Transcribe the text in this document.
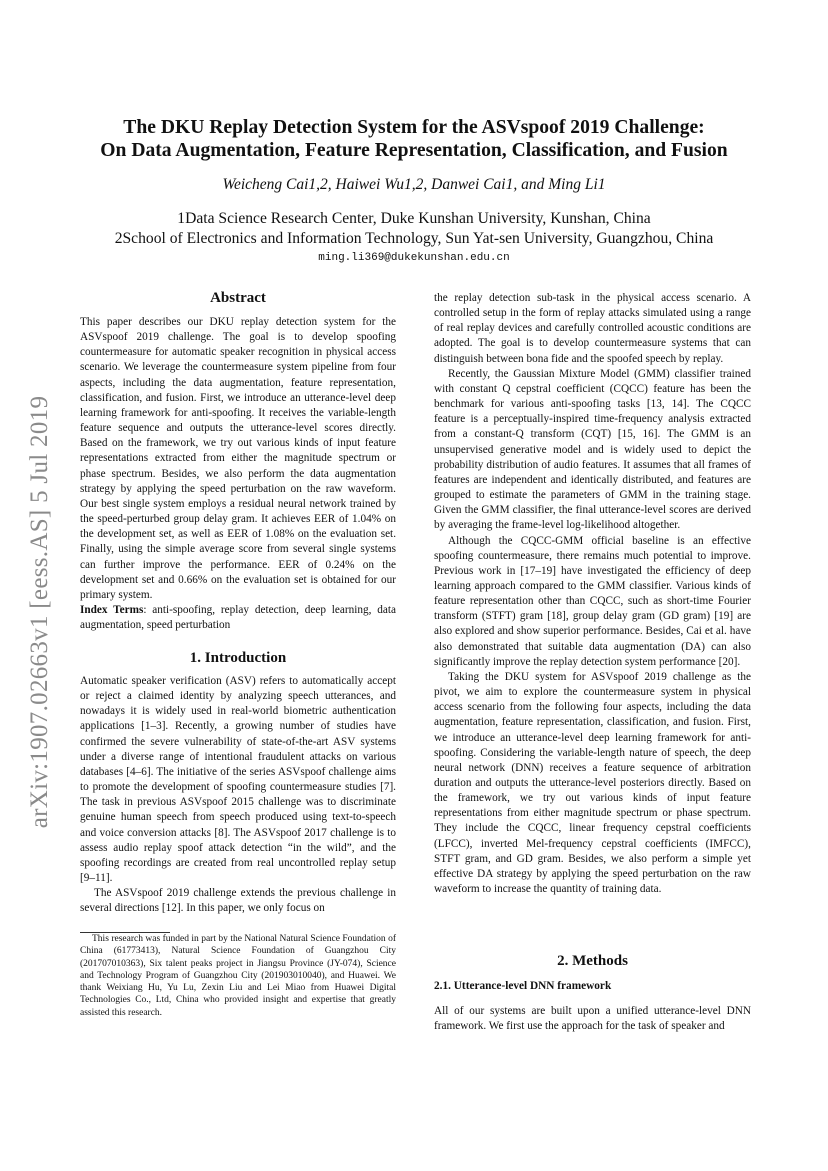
arXiv:1907.02663v1 [eess.AS] 5 Jul 2019
The DKU Replay Detection System for the ASVspoof 2019 Challenge:
On Data Augmentation, Feature Representation, Classification, and Fusion
Weicheng Cai1,2, Haiwei Wu1,2, Danwei Cai1, and Ming Li1
1Data Science Research Center, Duke Kunshan University, Kunshan, China
2School of Electronics and Information Technology, Sun Yat-sen University, Guangzhou, China
ming.li369@dukekunshan.edu.cn
Abstract

This paper describes our DKU replay detection system for the ASVspoof 2019 challenge. The goal is to develop spoofing countermeasure for automatic speaker recognition in physical access scenario. We leverage the countermeasure system pipeline from four aspects, including the data augmentation, feature representation, classification, and fusion. First, we introduce an utterance-level deep learning framework for anti-spoofing. It receives the variable-length feature sequence and outputs the utterance-level scores directly. Based on the framework, we try out various kinds of input feature representations extracted from either the magnitude spectrum or phase spectrum. Besides, we also perform the data augmentation strategy by applying the speed perturbation on the raw waveform. Our best single system employs a residual neural network trained by the speed-perturbed group delay gram. It achieves EER of 1.04% on the development set, as well as EER of 1.08% on the evaluation set. Finally, using the simple average score from several single systems can further improve the performance. EER of 0.24% on the development set and 0.66% on the evaluation set is obtained for our primary system.

Index Terms: anti-spoofing, replay detection, deep learning, data augmentation, speed perturbation

1. Introduction

Automatic speaker verification (ASV) refers to automatically accept or reject a claimed identity by analyzing speech utterances, and nowadays it is widely used in real-world biometric authentication applications [1–3]. Recently, a growing number of studies have confirmed the severe vulnerability of state-of-the-art ASV systems under a diverse range of intentional fraudulent attacks on various databases [4–6]. The initiative of the series ASVspoof challenge aims to promote the development of spoofing countermeasure studies [7]. The task in previous ASVspoof 2015 challenge was to discriminate genuine human speech from speech produced using text-to-speech and voice conversion attacks [8]. The ASVspoof 2017 challenge is to assess audio replay spoof attack detection “in the wild”, and the spoofing recordings are created from real uncontrolled replay setup [9–11].

The ASVspoof 2019 challenge extends the previous challenge in several directions [12]. In this paper, we only focus on

This research was funded in part by the National Natural Science Foundation of China (61773413), Natural Science Foundation of Guangzhou City (201707010363), Six talent peaks project in Jiangsu Province (JY-074), Science and Technology Program of Guangzhou City (201903010040), and Huawei. We thank Weixiang Hu, Yu Lu, Zexin Liu and Lei Miao from Huawei Digital Technologies Co., Ltd, China who provided insight and expertise that greatly assisted this research.

the replay detection sub-task in the physical access scenario. A controlled setup in the form of replay attacks simulated using a range of real replay devices and carefully controlled acoustic conditions are adopted. The goal is to develop countermeasure systems that can distinguish between bona fide and the spoofed speech by replay.

Recently, the Gaussian Mixture Model (GMM) classifier trained with constant Q cepstral coefficient (CQCC) feature has been the benchmark for various anti-spoofing tasks [13, 14]. The CQCC feature is a perceptually-inspired time-frequency analysis extracted from a constant-Q transform (CQT) [15, 16]. The GMM is an unsupervised generative model and is widely used to depict the probability distribution of audio features. It assumes that all frames of features are independent and identically distributed, and features are grouped to estimate the parameters of GMM in the training stage. Given the GMM classifier, the final utterance-level scores are derived by averaging the frame-level log-likelihood altogether.

Although the CQCC-GMM official baseline is an effective spoofing countermeasure, there remains much potential to improve. Previous work in [17–19] have investigated the efficiency of deep learning approach compared to the GMM classifier. Various kinds of feature representation other than CQCC, such as short-time Fourier transform (STFT) gram [18], group delay gram (GD gram) [19] are also explored and show superior performance. Besides, Cai et al. have also demonstrated that suitable data augmentation (DA) can also significantly improve the replay detection system performance [20].

Taking the DKU system for ASVspoof 2019 challenge as the pivot, we aim to explore the countermeasure system in physical access scenario from the following four aspects, including the data augmentation, feature representation, classification, and fusion. First, we introduce an utterance-level deep learning framework for anti-spoofing. Considering the variable-length nature of speech, the deep neural network (DNN) receives a feature sequence of arbitration duration and outputs the utterance-level posteriors directly. Based on the framework, we try out various kinds of input feature representations from either magnitude spectrum or phase spectrum. They include the CQCC, linear frequency cepstral coefficients (LFCC), inverted Mel-frequency cepstral coefficients (IMFCC), STFT gram, and GD gram. Besides, we also perform a simple yet effective DA strategy by applying the speed perturbation on the raw waveform to increase the quantity of training data.

2. Methods
2.1. Utterance-level DNN framework

All of our systems are built upon a unified utterance-level DNN framework. We first use the approach for the task of speaker and
